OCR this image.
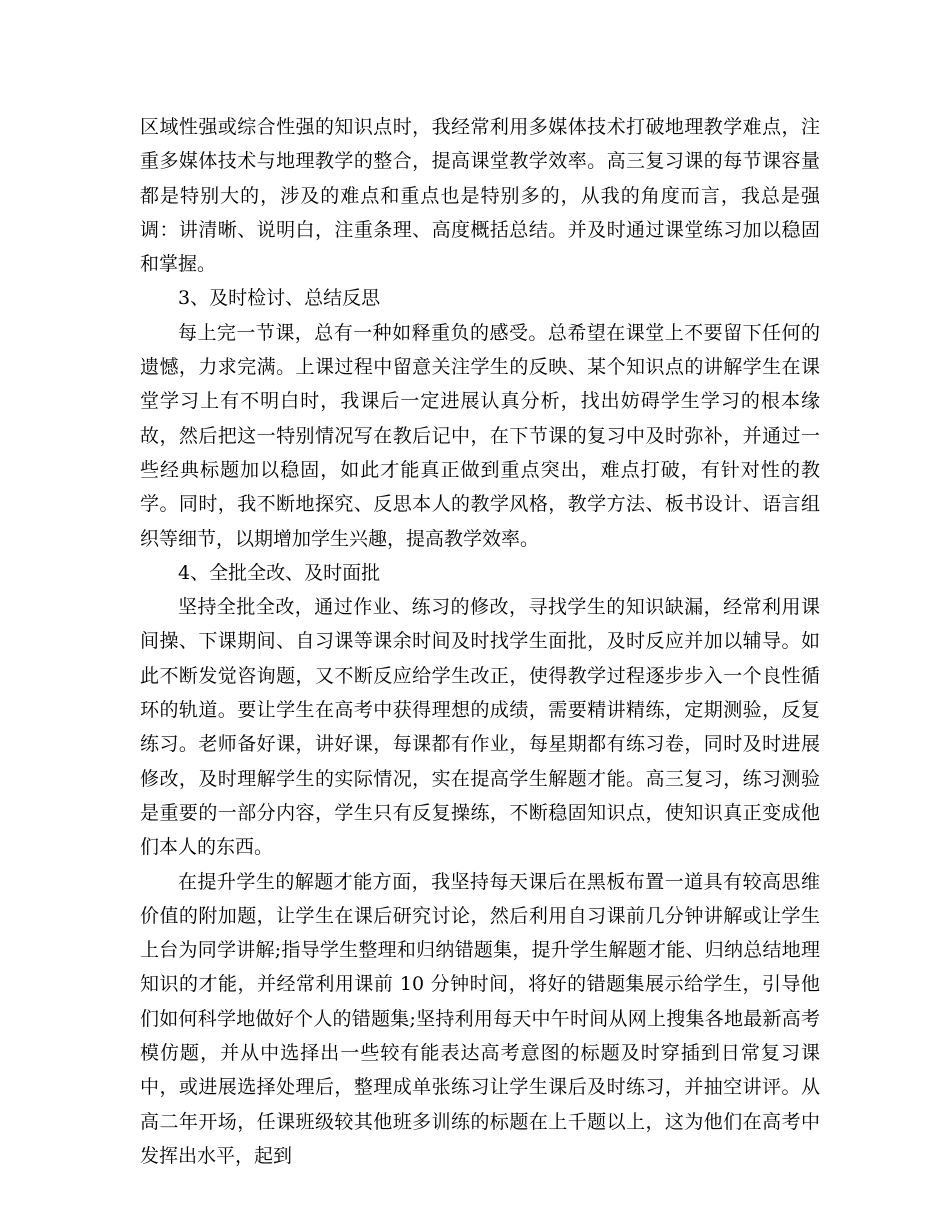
区域性强或综合性强的知识点时，我经常利用多媒体技术打破地理教学难点，注重多媒体技术与地理教学的整合，提高课堂教学效率。高三复习课的每节课容量都是特别大的，涉及的难点和重点也是特别多的，从我的角度而言，我总是强调：讲清晰、说明白，注重条理、高度概括总结。并及时通过课堂练习加以稳固和掌握。

3、及时检讨、总结反思

每上完一节课，总有一种如释重负的感受。总希望在课堂上不要留下任何的遗憾，力求完满。上课过程中留意关注学生的反映、某个知识点的讲解学生在课堂学习上有不明白时，我课后一定进展认真分析，找出妨碍学生学习的根本缘故，然后把这一特别情况写在教后记中，在下节课的复习中及时弥补，并通过一些经典标题加以稳固，如此才能真正做到重点突出，难点打破，有针对性的教学。同时，我不断地探究、反思本人的教学风格，教学方法、板书设计、语言组织等细节，以期增加学生兴趣，提高教学效率。

4、全批全改、及时面批

坚持全批全改，通过作业、练习的修改，寻找学生的知识缺漏，经常利用课间操、下课期间、自习课等课余时间及时找学生面批，及时反应并加以辅导。如此不断发觉咨询题，又不断反应给学生改正，使得教学过程逐步步入一个良性循环的轨道。要让学生在高考中获得理想的成绩，需要精讲精练，定期测验，反复练习。老师备好课，讲好课，每课都有作业，每星期都有练习卷，同时及时进展修改，及时理解学生的实际情况，实在提高学生解题才能。高三复习，练习测验是重要的一部分内容，学生只有反复操练，不断稳固知识点，使知识真正变成他们本人的东西。

在提升学生的解题才能方面，我坚持每天课后在黑板布置一道具有较高思维价值的附加题，让学生在课后研究讨论，然后利用自习课前几分钟讲解或让学生上台为同学讲解;指导学生整理和归纳错题集，提升学生解题才能、归纳总结地理知识的才能，并经常利用课前 10 分钟时间，将好的错题集展示给学生，引导他们如何科学地做好个人的错题集;坚持利用每天中午时间从网上搜集各地最新高考模仿题，并从中选择出一些较有能表达高考意图的标题及时穿插到日常复习课中，或进展选择处理后，整理成单张练习让学生课后及时练习，并抽空讲评。从高二年开场，任课班级较其他班多训练的标题在上千题以上，这为他们在高考中发挥出水平，起到
